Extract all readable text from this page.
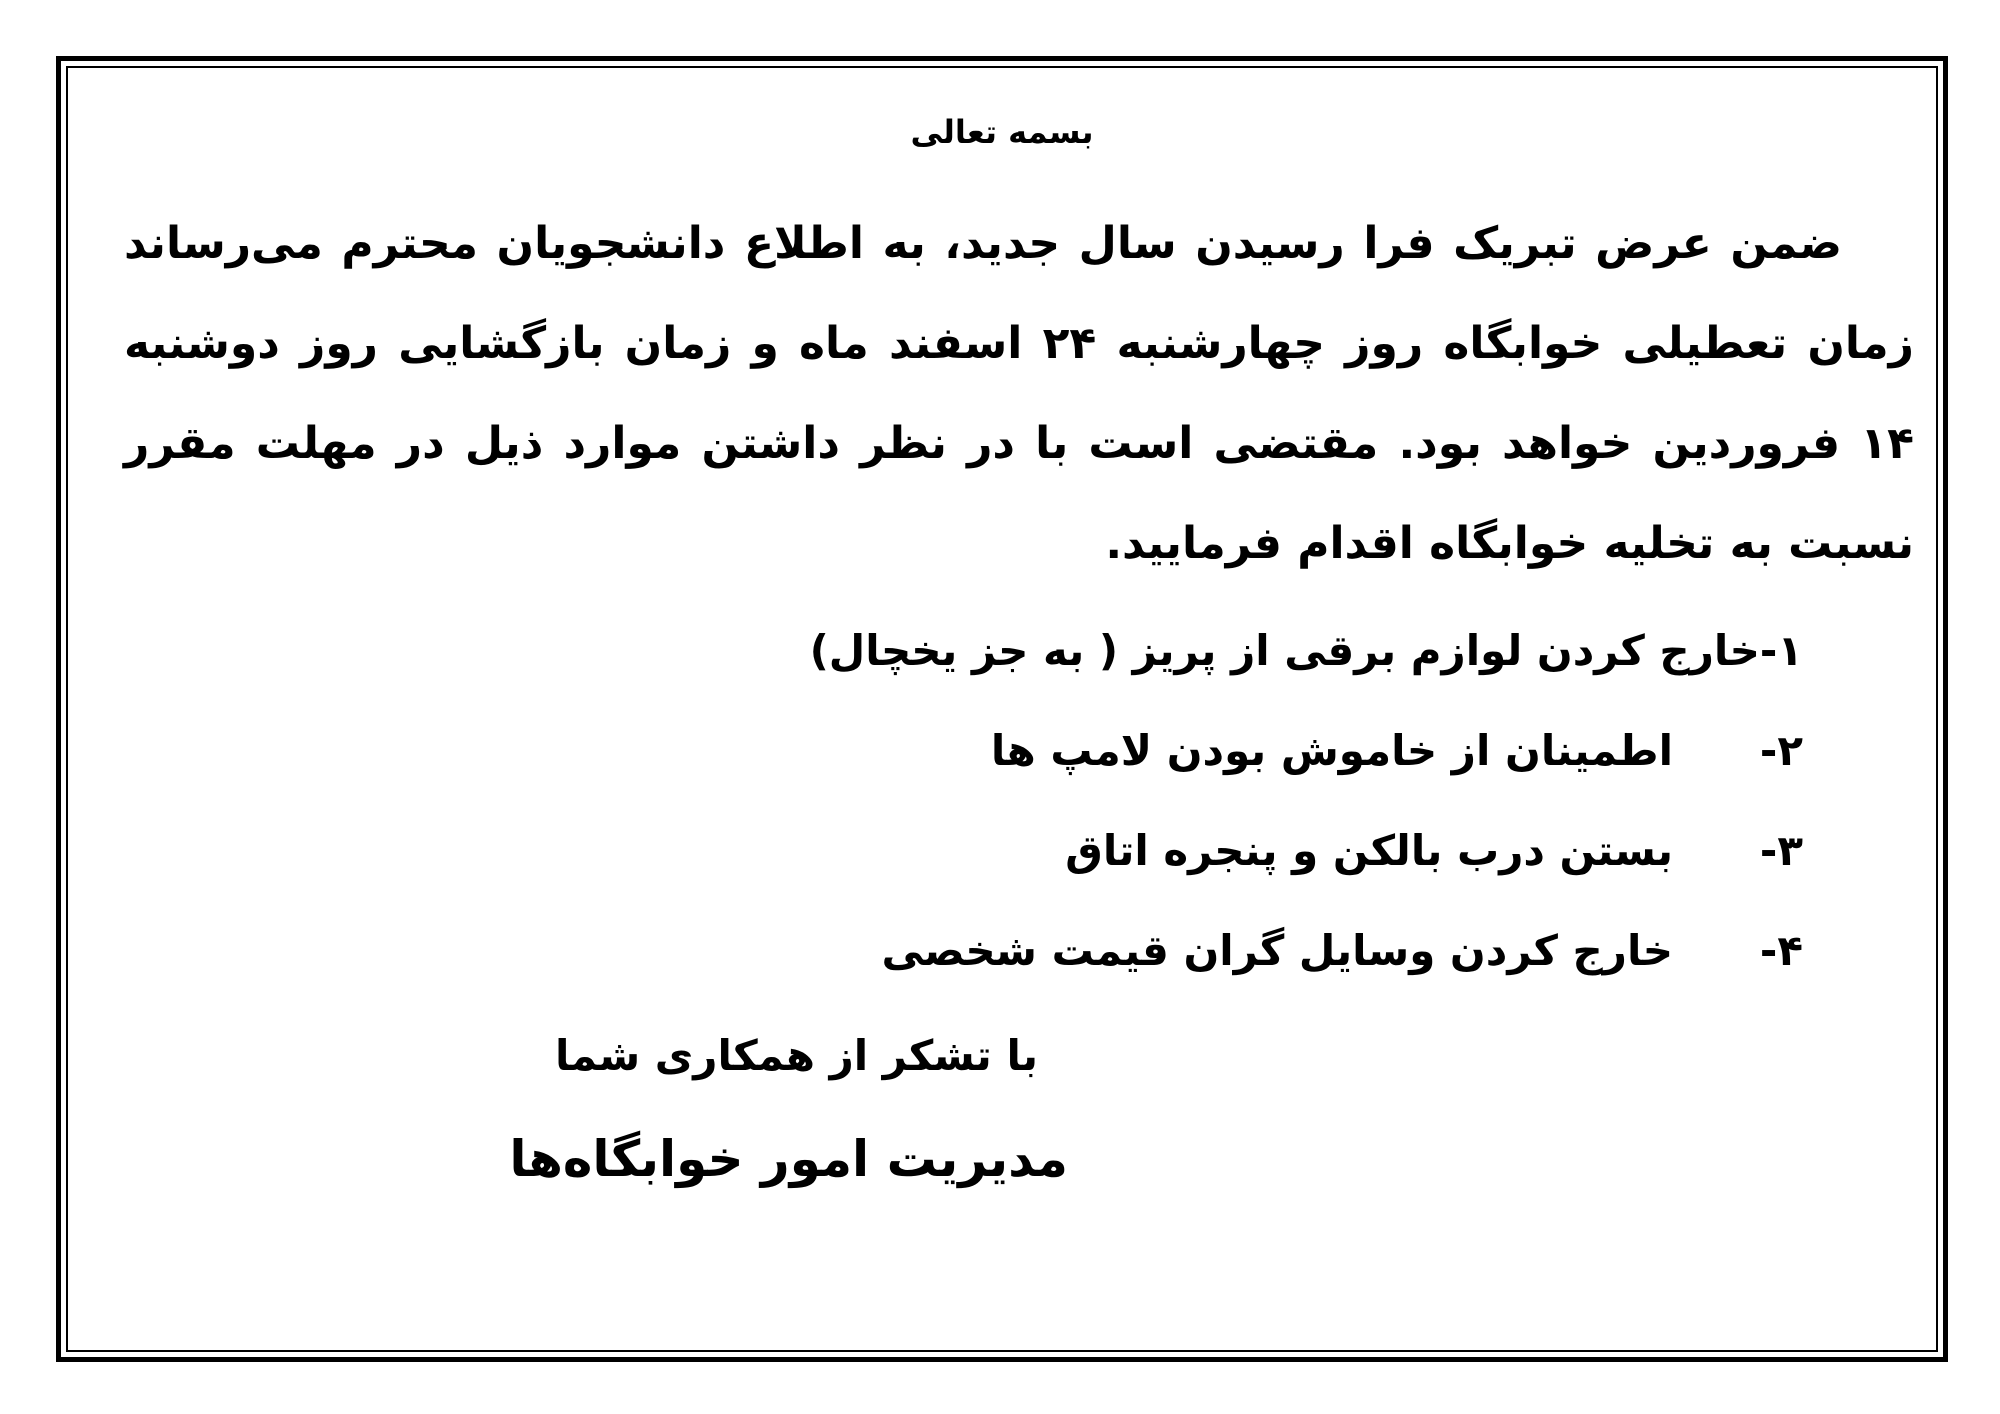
بسمه تعالی

ضمن عرض تبریک فرا رسیدن سال جدید، به اطلاع دانشجویان محترم می‌رساند زمان تعطیلی خوابگاه روز چهارشنبه ۲۴ اسفند ماه و زمان بازگشایی روز دوشنبه ۱۴ فروردین خواهد بود. مقتضی است با در نظر داشتن موارد ذیل در مهلت مقرر نسبت به تخلیه خوابگاه اقدام فرمایید.

۱-
خارج کردن لوازم برقی از پریز ( به جز یخچال)
۲-
اطمینان از خاموش بودن لامپ ها
۳-
بستن درب بالکن و پنجره اتاق
۴-
خارج کردن وسایل گران قیمت شخصی

با تشکر از همکاری شما

مدیریت امور خوابگاه‌ها
